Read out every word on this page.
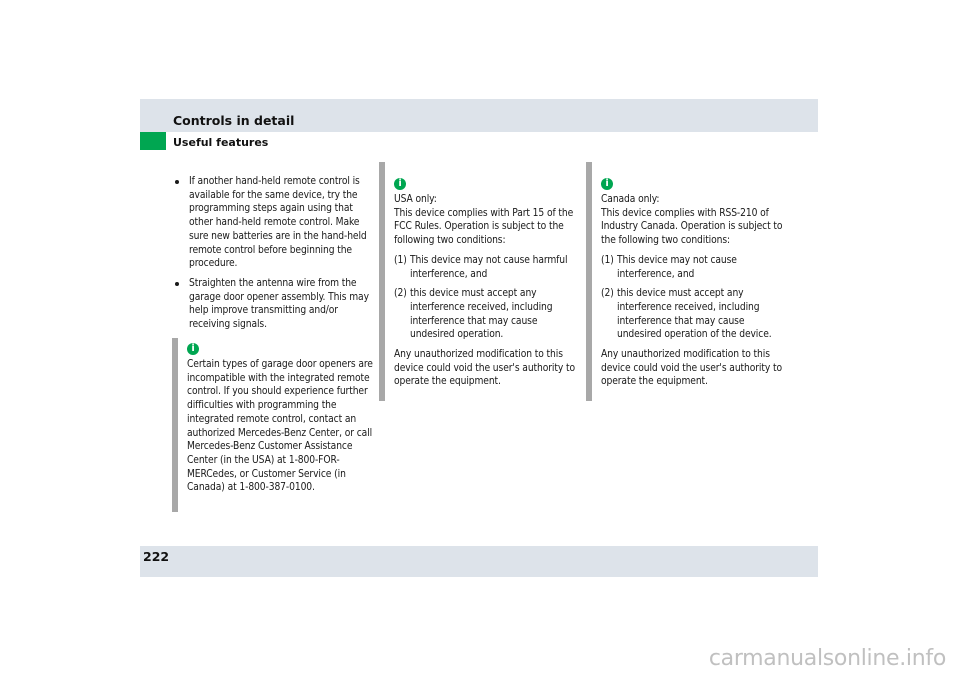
Controls in detail
Useful features
If another hand-held remote control is available for the same device, try the programming steps again using that other hand-held remote control. Make sure new batteries are in the hand-held remote control before beginning the procedure.
Straighten the antenna wire from the garage door opener assembly. This may help improve transmitting and/or receiving signals.
i
Certain types of garage door openers are incompatible with the integrated remote control. If you should experience further difficulties with programming the integrated remote control, contact an authorized Mercedes-Benz Center, or call Mercedes-Benz Customer Assistance Center (in the USA) at 1-800-FOR-MERCedes, or Customer Service (in Canada) at 1-800-387-0100.
i
USA only:

This device complies with Part 15 of the FCC Rules. Operation is subject to the following two conditions:

(1) This device may not cause harmful interference, and
(2) this device must accept any interference received, including interference that may cause undesired operation.

Any unauthorized modification to this device could void the user's authority to operate the equipment.

i
Canada only:

This device complies with RSS-210 of Industry Canada. Operation is subject to the following two conditions:

(1) This device may not cause interference, and
(2) this device must accept any interference received, including interference that may cause undesired operation of the device.

Any unauthorized modification to this device could void the user's authority to operate the equipment.

222
carmanualsonline.info
